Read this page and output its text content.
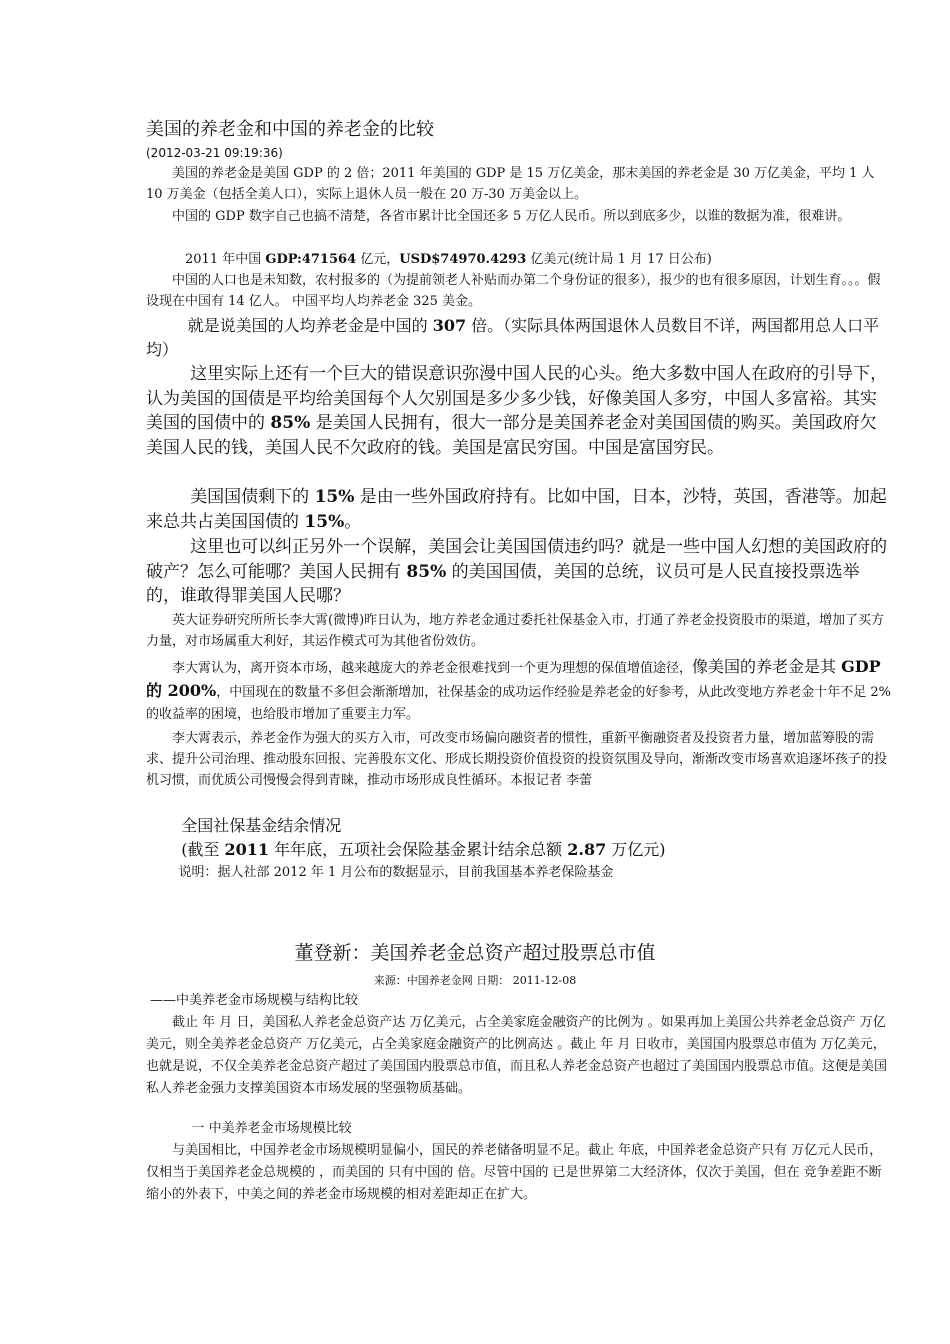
美国的养老金和中国的养老金的比较
(2012-03-21 09:19:36)

美国的养老金是美国 GDP 的 2 倍；2011 年美国的 GDP 是 15 万亿美金，那末美国的养老金是 30 万亿美金，平均 1 人 10 万美金（包括全美人口），实际上退休人员一般在 20 万-30 万美金以上。

中国的 GDP 数字自己也搞不清楚，各省市累计比全国还多 5 万亿人民币。所以到底多少，以谁的数据为准，很难讲。

2011 年中国 GDP:471564 亿元，USD$74970.4293 亿美元(统计局 1 月 17 日公布)

中国的人口也是未知数，农村报多的（为提前领老人补贴而办第二个身份证的很多），报少的也有很多原因，计划生育。。。假设现在中国有 14 亿人。 中国平均人均养老金 325 美金。

就是说美国的人均养老金是中国的 307 倍。（实际具体两国退休人员数目不详，两国都用总人口平均）

这里实际上还有一个巨大的错误意识弥漫中国人民的心头。绝大多数中国人在政府的引导下，认为美国的国债是平均给美国每个人欠别国是多少多少钱，好像美国人多穷，中国人多富裕。其实美国的国债中的 85% 是美国人民拥有，很大一部分是美国养老金对美国国债的购买。美国政府欠美国人民的钱，美国人民不欠政府的钱。美国是富民穷国。中国是富国穷民。

美国国债剩下的 15% 是由一些外国政府持有。比如中国，日本，沙特，英国，香港等。加起来总共占美国国债的 15%。

这里也可以纠正另外一个误解，美国会让美国国债违约吗？就是一些中国人幻想的美国政府的破产？怎么可能哪？美国人民拥有 85% 的美国国债，美国的总统，议员可是人民直接投票选举的，谁敢得罪美国人民哪？

英大证券研究所所长李大霄(微博)昨日认为，地方养老金通过委托社保基金入市，打通了养老金投资股市的渠道，增加了买方力量，对市场属重大利好，其运作模式可为其他省份效仿。

李大霄认为，离开资本市场，越来越庞大的养老金很难找到一个更为理想的保值增值途径，像美国的养老金是其 GDP 的 200%，中国现在的数量不多但会渐渐增加，社保基金的成功运作经验是养老金的好参考，从此改变地方养老金十年不足 2%的收益率的困境，也给股市增加了重要主力军。

李大霄表示，养老金作为强大的买方入市，可改变市场偏向融资者的惯性，重新平衡融资者及投资者力量，增加蓝筹股的需求、提升公司治理、推动股东回报、完善股东文化、形成长期投资价值投资的投资氛围及导向，渐渐改变市场喜欢追逐坏孩子的投机习惯，而优质公司慢慢会得到青睐，推动市场形成良性循环。本报记者 李蕾

全国社保基金结余情况

(截至 2011 年年底，五项社会保险基金累计结余总额 2.87 万亿元)

说明：据人社部 2012 年 1 月公布的数据显示，目前我国基本养老保险基金

董登新：美国养老金总资产超过股票总市值
来源：中国养老金网 日期： 2011-12-08

——中美养老金市场规模与结构比较

截止 年 月 日，美国私人养老金总资产达 万亿美元，占全美家庭金融资产的比例为 。如果再加上美国公共养老金总资产 万亿美元，则全美养老金总资产 万亿美元，占全美家庭金融资产的比例高达 。截止 年 月 日收市，美国国内股票总市值为 万亿美元，也就是说，不仅全美养老金总资产超过了美国国内股票总市值，而且私人养老金总资产也超过了美国国内股票总市值。这便是美国私人养老金强力支撑美国资本市场发展的坚强物质基础。

一 中美养老金市场规模比较

与美国相比，中国养老金市场规模明显偏小，国民的养老储备明显不足。截止 年底，中国养老金总资产只有 万亿元人民币，仅相当于美国养老金总规模的 ，而美国的 只有中国的 倍。尽管中国的 已是世界第二大经济体，仅次于美国，但在 竞争差距不断缩小的外表下，中美之间的养老金市场规模的相对差距却正在扩大。
